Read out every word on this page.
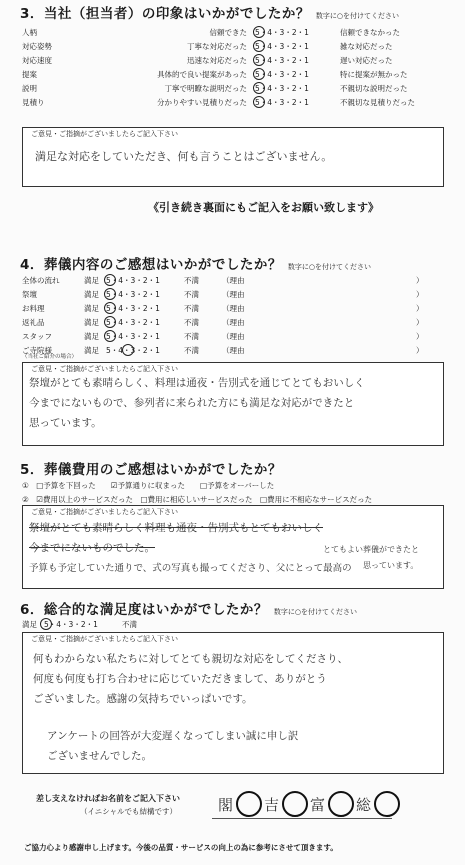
3．当社（担当者）の印象はいかがでしたか？ 数字に○を付けてください
人柄	信頼できた 5・4・3・2・1	信頼できなかった
対応姿勢	丁寧な対応だった 5・4・3・2・1	雑な対応だった
対応速度	迅速な対応だった 5・4・3・2・1	遅い対応だった
提案	具体的で良い提案があった 5・4・3・2・1	特に提案が無かった
説明	丁寧で明瞭な説明だった 5・4・3・2・1	不親切な説明だった
見積り	分かりやすい見積りだった 5・4・3・2・1	不親切な見積りだった
ご意見・ご指摘がございましたらご記入下さい
満足な対応をしていただき、何も言うことはございません。
《引き続き裏面にもご記入をお願い致します》
4．葬儀内容のご感想はいかがでしたか？ 数字に○を付けてください
全体の流れ	満足 5・4・3・2・1	不満	（理由	）
祭壇	満足 5・4・3・2・1	不満	（理由	）
お料理	満足 5・4・3・2・1	不満	（理由	）
返礼品	満足 5・4・3・2・1	不満	（理由	）
スタッフ	満足 5・4・3・2・1	不満	（理由	）
ご寺院様	満足 5・4・3・2・1	不満	（理由	）
（当社ご紹介の場合）
ご意見・ご指摘がございましたらご記入下さい
祭壇がとても素晴らしく、料理は通夜・告別式を通じてとてもおいしく
今までにないもので、参列者に来られた方にも満足な対応ができたと
思っています。
5．葬儀費用のご感想はいかがでしたか？
①　□予算を下回った　　☑予算通りに収まった　　□予算をオーバーした
②　☑費用以上のサービスだった　□費用に相応しいサービスだった　□費用に不相応なサービスだった
ご意見・ご指摘がございましたらご記入下さい
祭壇がとても素晴らしく料理も通夜・告別式もとてもおいしく
今までにないものでした。	とてもよい葬儀ができたと
予算も予定していた通りで、式の写真も撮ってくださり、父にとって最高の 思っています。
6．総合的な満足度はいかがでしたか？ 数字に○を付けてください
満足 5・4・3・2・1	不満
ご意見・ご指摘がございましたらご記入下さい
何もわからない私たちに対してとても親切な対応をしてくださり、
何度も何度も打ち合わせに応じていただきまして、ありがとう
ございました。感謝の気持ちでいっぱいです。
アンケートの回答が大変遅くなってしまい誠に申し訳
ございませんでした。
差し支えなければお名前をご記入下さい
（イニシャルでも結構です）	閣 吉 富 総
ご協力心より感謝申し上げます。今後の品質・サービスの向上の為に参考にさせて頂きます。
